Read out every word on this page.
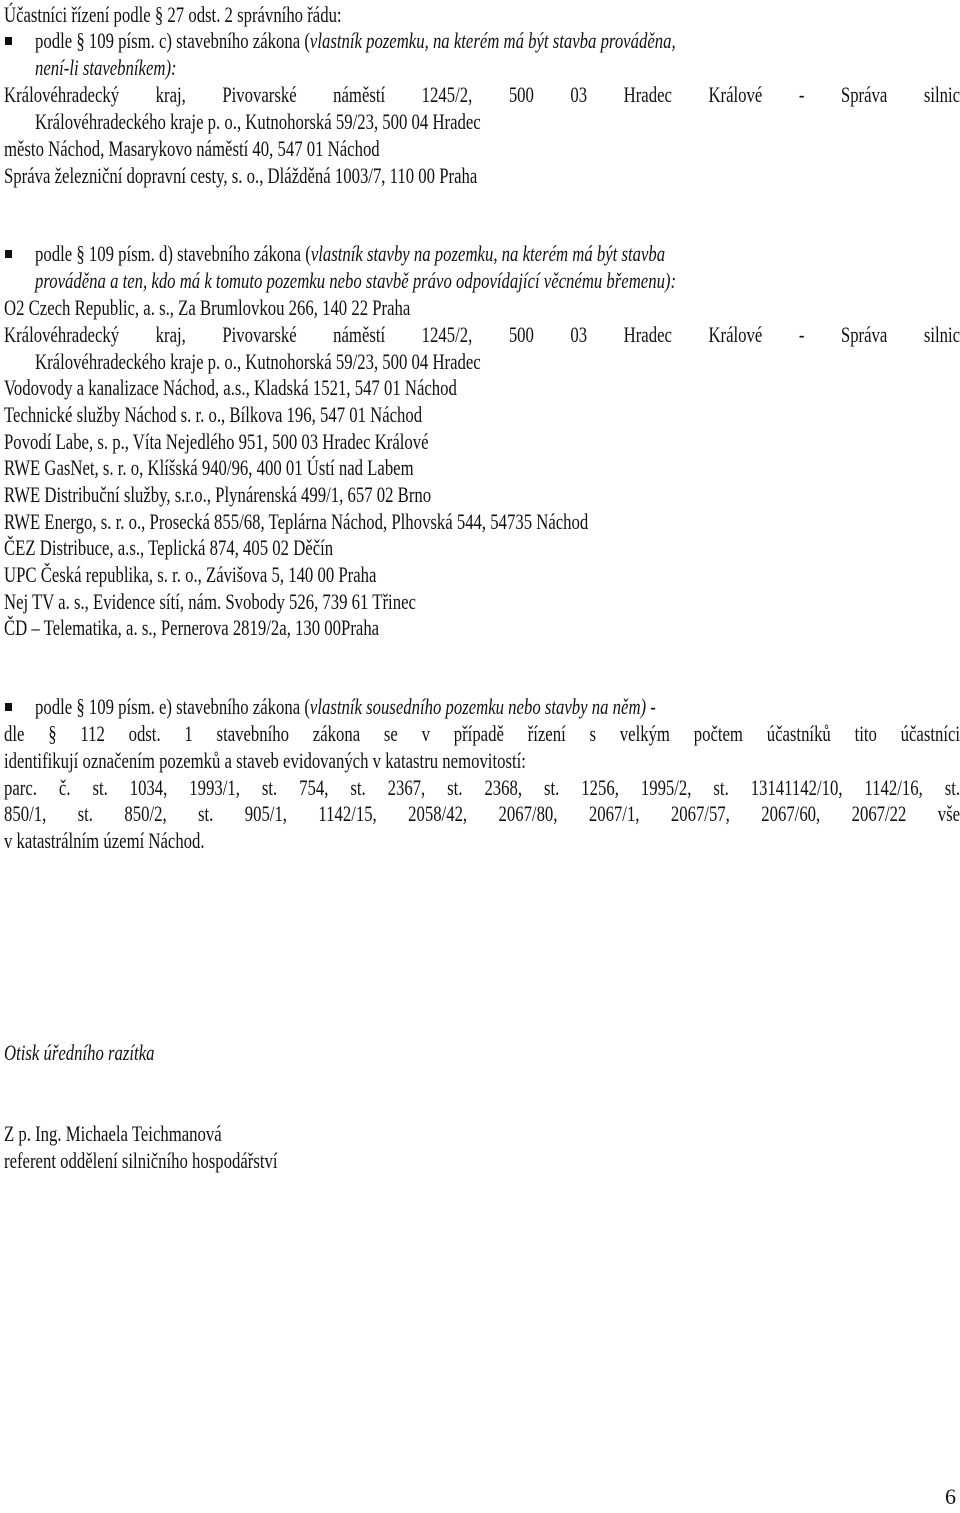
Účastníci řízení podle § 27 odst. 2 správního řádu:
podle § 109 písm. c) stavebního zákona (vlastník pozemku, na kterém má být stavba prováděna,
není-li stavebníkem):
Královéhradecký kraj, Pivovarské náměstí 1245/2, 500 03 Hradec Králové - Správa silnic
Královéhradeckého kraje p. o., Kutnohorská 59/23, 500 04 Hradec
město Náchod, Masarykovo náměstí 40, 547 01 Náchod
Správa železniční dopravní cesty, s. o., Dlážděná 1003/7, 110 00 Praha
podle § 109 písm. d) stavebního zákona (vlastník stavby na pozemku, na kterém má být stavba
prováděna a ten, kdo má k tomuto pozemku nebo stavbě právo odpovídající věcnému břemenu):
O2 Czech Republic, a. s., Za Brumlovkou 266, 140 22 Praha
Královéhradecký kraj, Pivovarské náměstí 1245/2, 500 03 Hradec Králové - Správa silnic
Královéhradeckého kraje p. o., Kutnohorská 59/23, 500 04 Hradec
Vodovody a kanalizace Náchod, a.s., Kladská 1521, 547 01 Náchod
Technické služby Náchod s. r. o., Bílkova 196, 547 01 Náchod
Povodí Labe, s. p., Víta Nejedlého 951, 500 03 Hradec Králové
RWE GasNet, s. r. o, Klíšská 940/96, 400 01 Ústí nad Labem
RWE Distribuční služby, s.r.o., Plynárenská 499/1, 657 02 Brno
RWE Energo, s. r. o., Prosecká 855/68, Teplárna Náchod, Plhovská 544, 54735 Náchod
ČEZ Distribuce, a.s., Teplická 874, 405 02 Děčín
UPC Česká republika, s. r. o., Závišova 5, 140 00 Praha
Nej TV a. s., Evidence sítí, nám. Svobody 526, 739 61 Třinec
ČD – Telematika, a. s., Pernerova 2819/2a, 130 00Praha
podle § 109 písm. e) stavebního zákona (vlastník sousedního pozemku nebo stavby na něm) -
dle § 112 odst. 1 stavebního zákona se v případě řízení s velkým počtem účastníků tito účastníci
identifikují označením pozemků a staveb evidovaných v katastru nemovitostí:
parc. č. st. 1034, 1993/1, st. 754, st. 2367, st. 2368, st. 1256, 1995/2, st. 13141142/10, 1142/16, st.
850/1, st. 850/2, st. 905/1, 1142/15, 2058/42, 2067/80, 2067/1, 2067/57, 2067/60, 2067/22 vše
v katastrálním území Náchod.
Otisk úředního razítka
Z p. Ing. Michaela Teichmanová
referent oddělení silničního hospodářství
6
